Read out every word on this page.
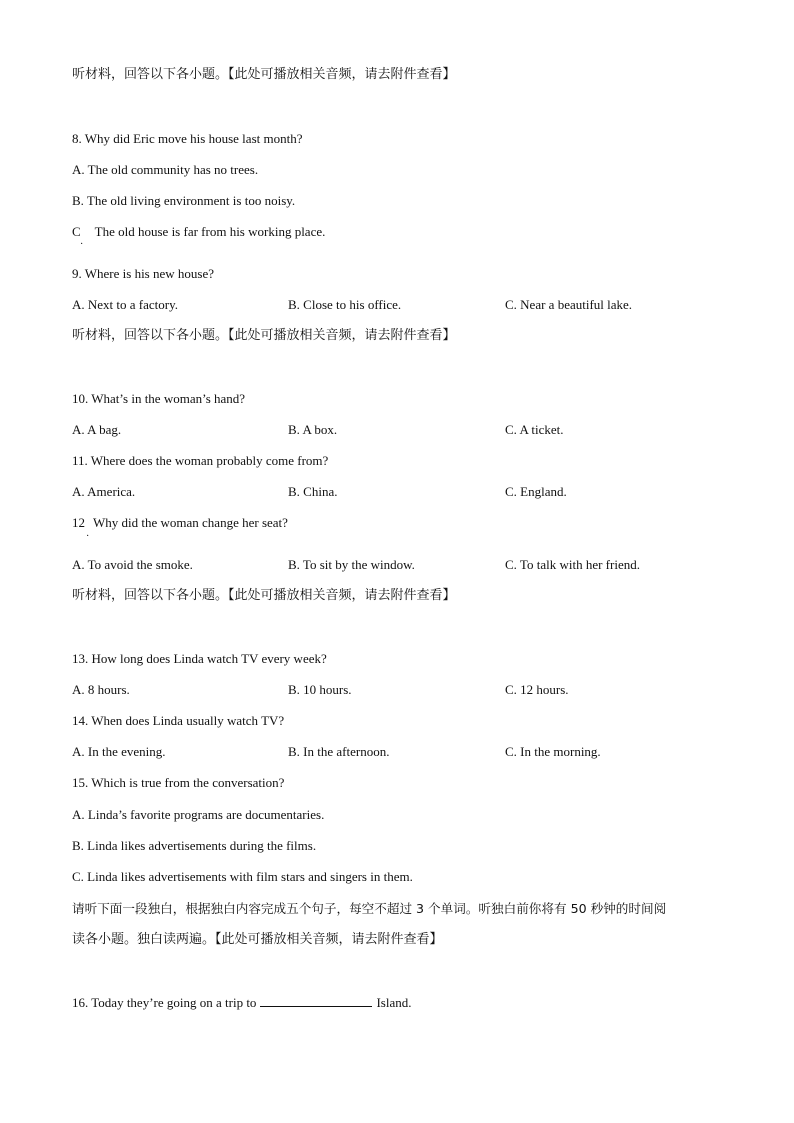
听材料，回答以下各小题。【此处可播放相关音频，请去附件查看】
8. Why did Eric move his house last month?
A. The old community has no trees.
B. The old living environment is too noisy.
C The old house is far from his working place.
·
9. Where is his new house?
A. Next to a factory.	B. Close to his office.	C. Near a beautiful lake.
听材料，回答以下各小题。【此处可播放相关音频，请去附件查看】
10. What’s in the woman’s hand?
A. A bag.	B. A box.	C. A ticket.
11. Where does the woman probably come from?
A. America.	B. China.	C. England.
12 Why did the woman change her seat?
·
A. To avoid the smoke.	B. To sit by the window.	C. To talk with her friend.
听材料，回答以下各小题。【此处可播放相关音频，请去附件查看】
13. How long does Linda watch TV every week?
A. 8 hours.	B. 10 hours.	C. 12 hours.
14. When does Linda usually watch TV?
A. In the evening.	B. In the afternoon.	C. In the morning.
15. Which is true from the conversation?
A. Linda’s favorite programs are documentaries.
B. Linda likes advertisements during the films.
C. Linda likes advertisements with film stars and singers in them.
请听下面一段独白，根据独白内容完成五个句子，每空不超过 3 个单词。听独白前你将有 50 秒钟的时间阅
读各小题。独白读两遍。【此处可播放相关音频，请去附件查看】
16. Today they’re going on a trip to	Island.
